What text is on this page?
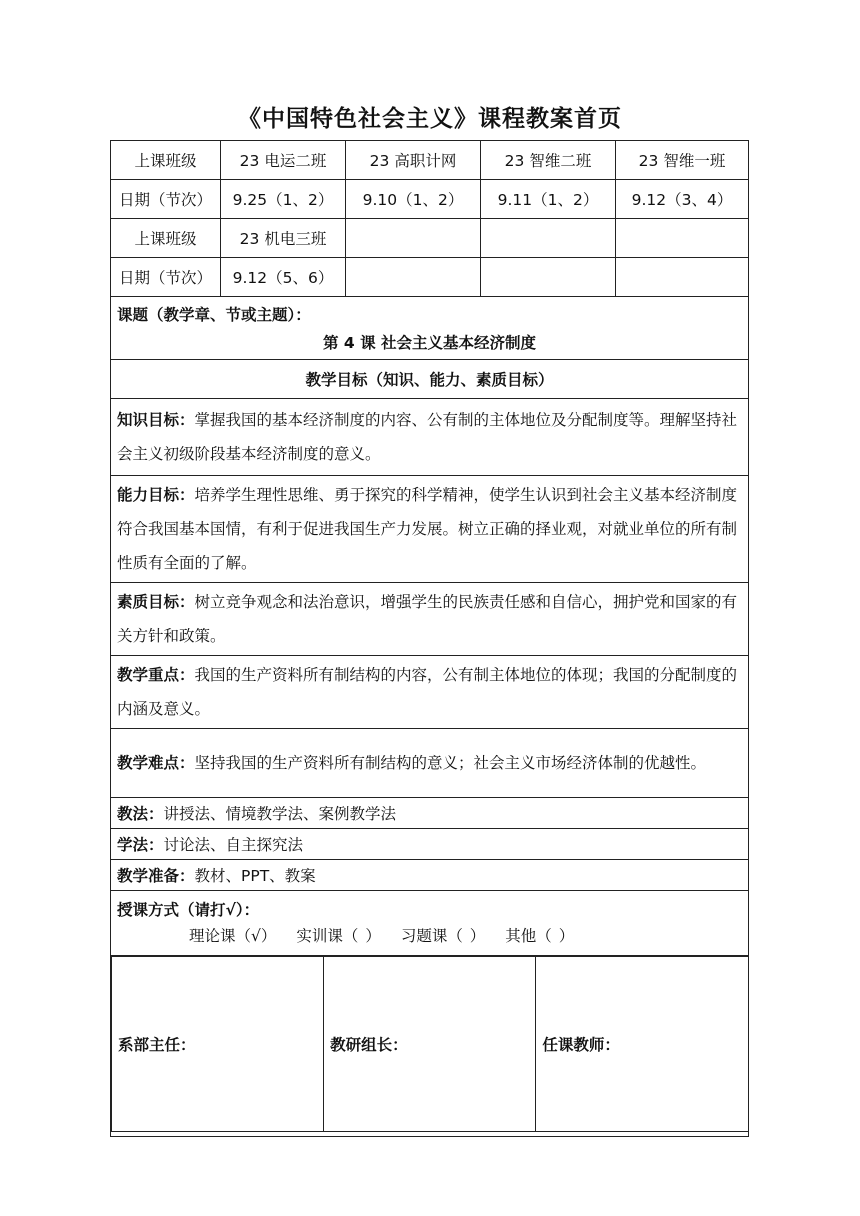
《中国特色社会主义》课程教案首页
上课班级	23 电运二班	23 高职计网	23 智维二班	23 智维一班
日期（节次）	9.25（1、2）	9.10（1、2）	9.11（1、2）	9.12（3、4）
上课班级	23 机电三班			
日期（节次）	9.12（5、6）			

课题（教学章、节或主题）：
第 4 课 社会主义基本经济制度

教学目标（知识、能力、素质目标）
知识目标：掌握我国的基本经济制度的内容、公有制的主体地位及分配制度等。理解坚持社会主义初级阶段基本经济制度的意义。
能力目标：培养学生理性思维、勇于探究的科学精神，使学生认识到社会主义基本经济制度符合我国基本国情，有利于促进我国生产力发展。树立正确的择业观，对就业单位的所有制性质有全面的了解。
素质目标：树立竞争观念和法治意识，增强学生的民族责任感和自信心，拥护党和国家的有关方针和政策。
教学重点：我国的生产资料所有制结构的内容，公有制主体地位的体现；我国的分配制度的内涵及意义。
教学难点：坚持我国的生产资料所有制结构的意义；社会主义市场经济体制的优越性。
教法：讲授法、情境教学法、案例教学法
学法：讨论法、自主探究法
教学准备：教材、PPT、教案
授课方式（请打√）：
理论课（√） 实训课（ ） 习题课（ ） 其他（ ）

系部主任：	教研组长：	任课教师：
